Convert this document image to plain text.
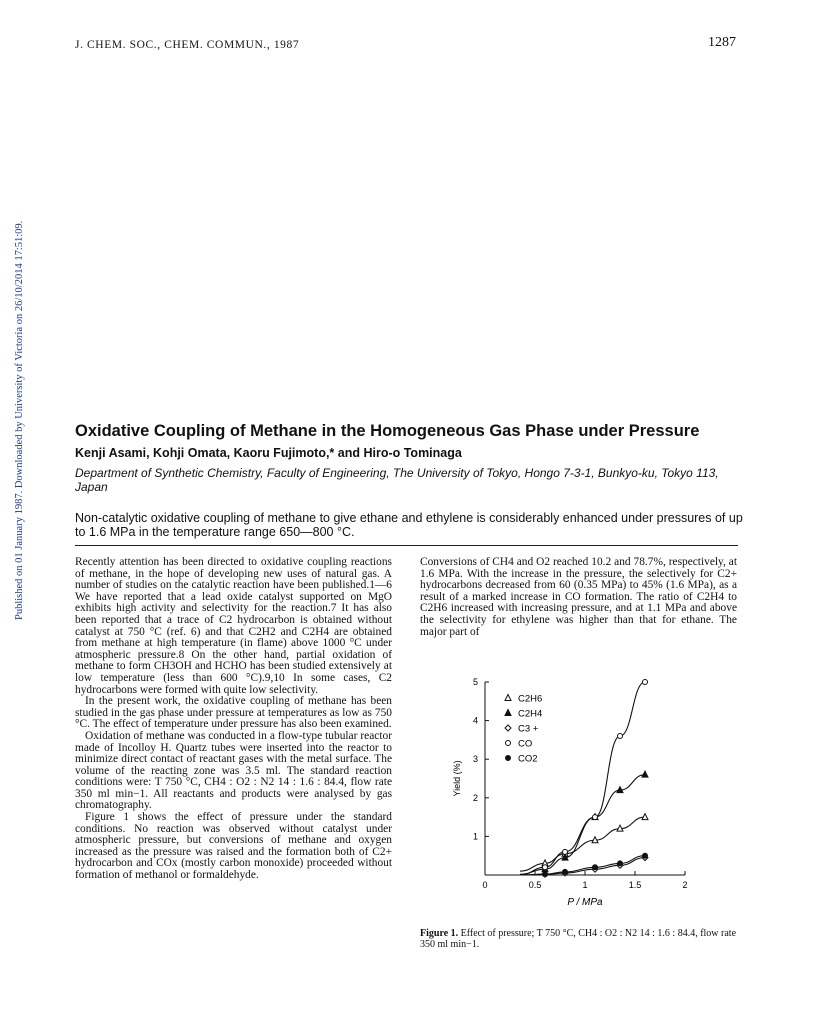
J. CHEM. SOC., CHEM. COMMUN., 1987	1287
Published on 01 January 1987. Downloaded by University of Victoria on 26/10/2014 17:51:09.	Oxidative Coupling of Methane in the Homogeneous Gas Phase under Pressure
Kenji Asami, Kohji Omata, Kaoru Fujimoto,* and Hiro-o Tominaga
Department of Synthetic Chemistry, Faculty of Engineering, The University of Tokyo, Hongo 7-3-1, Bunkyo-ku, Tokyo 113, Japan
Non-catalytic oxidative coupling of methane to give ethane and ethylene is considerably enhanced under pressures of up to 1.6 MPa in the temperature range 650—800 °C.

Recently attention has been directed to oxidative coupling reactions of methane, in the hope of developing new uses of natural gas. A number of studies on the catalytic reaction have been published.1—6 We have reported that a lead oxide catalyst supported on MgO exhibits high activity and selectivity for the reaction.7 It has also been reported that a trace of C2 hydrocarbon is obtained without catalyst at 750 °C (ref. 6) and that C2H2 and C2H4 are obtained from methane at high temperature (in flame) above 1000 °C under atmospheric pressure.8 On the other hand, partial oxidation of methane to form CH3OH and HCHO has been studied extensively at low temperature (less than 600 °C).9,10 In some cases, C2 hydrocarbons were formed with quite low selectivity.

In the present work, the oxidative coupling of methane has been studied in the gas phase under pressure at temperatures as low as 750 °C. The effect of temperature under pressure has also been examined.

Oxidation of methane was conducted in a flow-type tubular reactor made of Incolloy H. Quartz tubes were inserted into the reactor to minimize direct contact of reactant gases with the metal surface. The volume of the reacting zone was 3.5 ml. The standard reaction conditions were: T 750 °C, CH4 : O2 : N2 14 : 1.6 : 84.4, flow rate 350 ml min−1. All reactants and products were analysed by gas chromatography.

Figure 1 shows the effect of pressure under the standard conditions. No reaction was observed without catalyst under atmospheric pressure, but conversions of methane and oxygen increased as the pressure was raised and the formation both of C2+ hydrocarbon and COx (mostly carbon monoxide) proceeded without formation of methanol or formaldehyde.

Conversions of CH4 and O2 reached 10.2 and 78.7%, respectively, at 1.6 MPa. With the increase in the pressure, the selectively for C2+ hydrocarbons decreased from 60 (0.35 MPa) to 45% (1.6 MPa), as a result of a marked increase in CO formation. The ratio of C2H4 to C2H6 increased with increasing pressure, and at 1.1 MPa and above the selectivity for ethylene was higher than that for ethane. The major part of

0	0.5	1	1.5	2
1
2
3
4
5
P / MPa
Yield (%)
C2H6
C2H4
C3 +
CO
CO2
Figure 1. Effect of pressure; T 750 °C, CH4 : O2 : N2 14 : 1.6 : 84.4, flow rate 350 ml min−1.
